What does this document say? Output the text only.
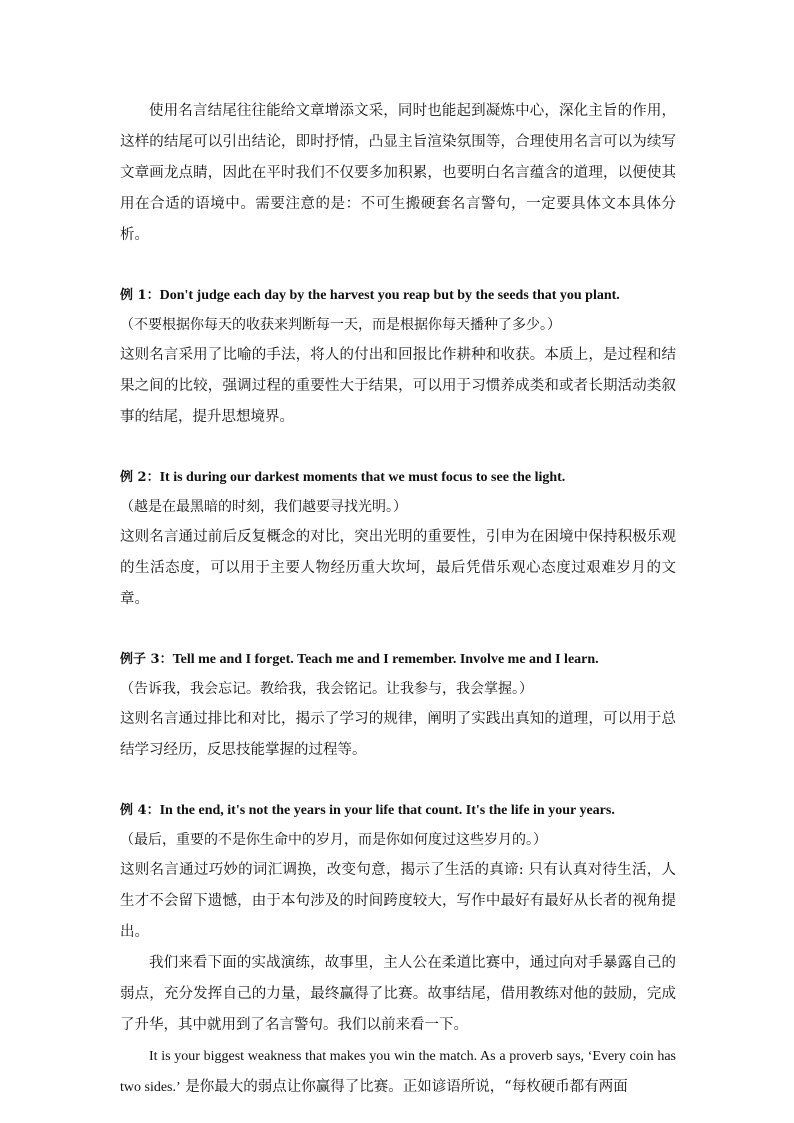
使用名言结尾往往能给文章增添文采，同时也能起到凝炼中心，深化主旨的作用，这样的结尾可以引出结论，即时抒情，凸显主旨渲染氛围等，合理使用名言可以为续写文章画龙点睛，因此在平时我们不仅要多加积累，也要明白名言蕴含的道理，以便使其用在合适的语境中。需要注意的是：不可生搬硬套名言警句，一定要具体文本具体分析。

例 1：Don't judge each day by the harvest you reap but by the seeds that you plant.

（不要根据你每天的收获来判断每一天，而是根据你每天播种了多少。）

这则名言采用了比喻的手法，将人的付出和回报比作耕种和收获。本质上，是过程和结果之间的比较，强调过程的重要性大于结果，可以用于习惯养成类和或者长期活动类叙事的结尾，提升思想境界。

例 2：It is during our darkest moments that we must focus to see the light.

（越是在最黑暗的时刻，我们越要寻找光明。）

这则名言通过前后反复概念的对比，突出光明的重要性，引申为在困境中保持积极乐观的生活态度，可以用于主要人物经历重大坎坷，最后凭借乐观心态度过艰难岁月的文章。

例子 3：Tell me and I forget. Teach me and I remember. Involve me and I learn.

（告诉我，我会忘记。教给我，我会铭记。让我参与，我会掌握。）

这则名言通过排比和对比，揭示了学习的规律，阐明了实践出真知的道理，可以用于总结学习经历，反思技能掌握的过程等。

例 4：In the end, it's not the years in your life that count. It's the life in your years.

（最后，重要的不是你生命中的岁月，而是你如何度过这些岁月的。）

这则名言通过巧妙的词汇调换，改变句意，揭示了生活的真谛: 只有认真对待生活，人生才不会留下遗憾，由于本句涉及的时间跨度较大，写作中最好有最好从长者的视角提出。

我们来看下面的实战演练，故事里，主人公在柔道比赛中，通过向对手暴露自己的弱点，充分发挥自己的力量，最终赢得了比赛。故事结尾，借用教练对他的鼓励，完成了升华，其中就用到了名言警句。我们以前来看一下。

It is your biggest weakness that makes you win the match. As a proverb says, ‘Every coin has two sides.’ 是你最大的弱点让你赢得了比赛。正如谚语所说，“每枚硬币都有两面
